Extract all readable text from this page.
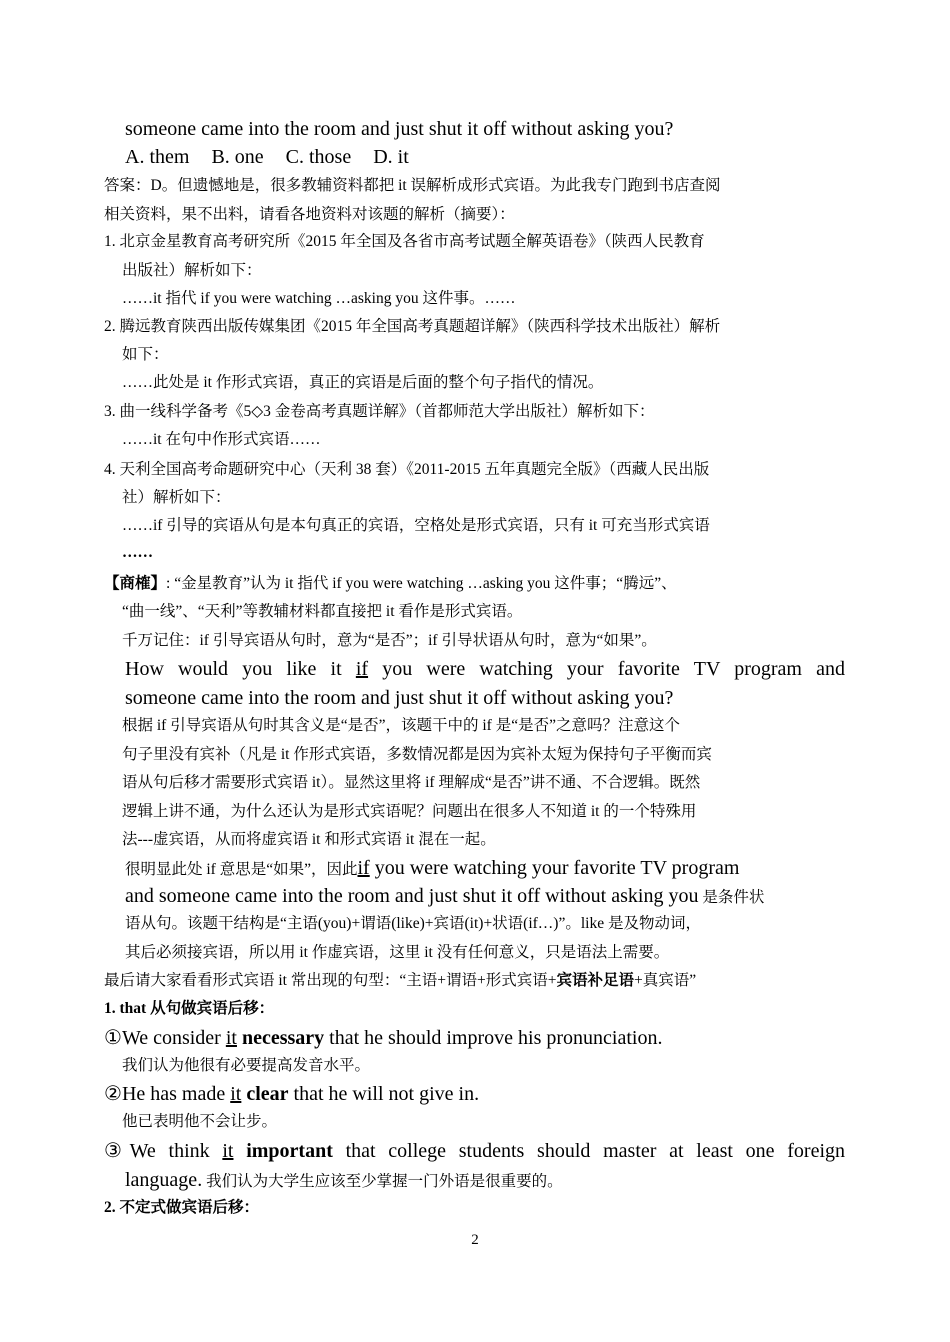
someone came into the room and just shut it off without asking you?
A. them B. one C. those D. it
答案：D。但遗憾地是，很多教辅资料都把 it 误解析成形式宾语。为此我专门跑到书店查阅
相关资料，果不出料，请看各地资料对该题的解析（摘要）：
1. 北京金星教育高考研究所《2015 年全国及各省市高考试题全解英语卷》（陕西人民教育
出版社）解析如下：
……it 指代 if you were watching …asking you 这件事。……
2. 腾远教育陕西出版传媒集团《2015 年全国高考真题超详解》（陕西科学技术出版社）解析
如下：
……此处是 it 作形式宾语，真正的宾语是后面的整个句子指代的情况。
3. 曲一线科学备考《5◇3 金卷高考真题详解》（首都师范大学出版社）解析如下：
……it 在句中作形式宾语……
4. 天利全国高考命题研究中心（天利 38 套）《2011-2015 五年真题完全版》（西藏人民出版
社）解析如下：
……if 引导的宾语从句是本句真正的宾语，空格处是形式宾语，只有 it 可充当形式宾语
……
【商榷】: “金星教育”认为 it 指代 if you were watching …asking you 这件事；“腾远”、
“曲一线”、“天利”等教辅材料都直接把 it 看作是形式宾语。
千万记住：if 引导宾语从句时，意为“是否”；if 引导状语从句时，意为“如果”。
How would you like it if you were watching your favorite TV program and
someone came into the room and just shut it off without asking you?
根据 if 引导宾语从句时其含义是“是否”，该题干中的 if 是“是否”之意吗？注意这个
句子里没有宾补（凡是 it 作形式宾语，多数情况都是因为宾补太短为保持句子平衡而宾
语从句后移才需要形式宾语 it）。显然这里将 if 理解成“是否”讲不通、不合逻辑。既然
逻辑上讲不通，为什么还认为是形式宾语呢？问题出在很多人不知道 it 的一个特殊用
法---虚宾语，从而将虚宾语 it 和形式宾语 it 混在一起。
很明显此处 if 意思是“如果”，因此if you were watching your favorite TV program
and someone came into the room and just shut it off without asking you 是条件状
语从句。该题干结构是“主语(you)+谓语(like)+宾语(it)+状语(if…)”。like 是及物动词，
其后必须接宾语，所以用 it 作虚宾语，这里 it 没有任何意义，只是语法上需要。
最后请大家看看形式宾语 it 常出现的句型：“主语+谓语+形式宾语+宾语补足语+真宾语”
1. that 从句做宾语后移：
①We consider it necessary that he should improve his pronunciation.
我们认为他很有必要提高发音水平。
②He has made it clear that he will not give in.
他已表明他不会让步。
③We think it important that college students should master at least one foreign
language. 我们认为大学生应该至少掌握一门外语是很重要的。
2. 不定式做宾语后移：
2
